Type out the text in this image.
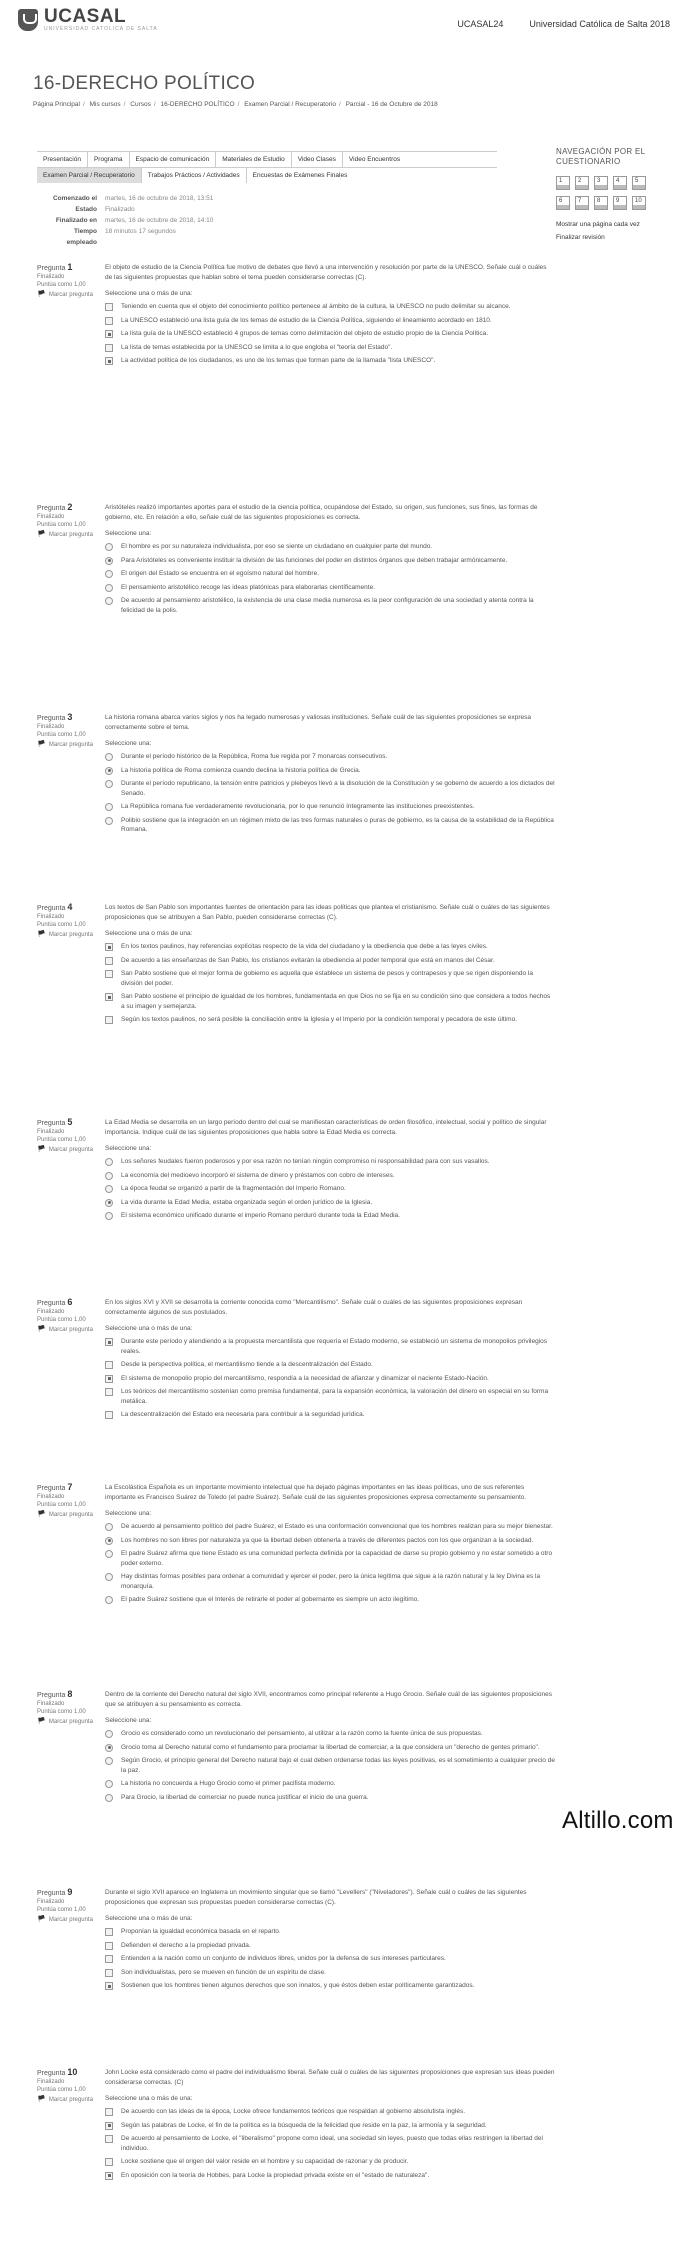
UCASAL
UNIVERSIDAD CATOLICA DE SALTA	UCASAL24	Universidad Católica de Salta 2018
16-DERECHO POLÍTICO
Página Principal / Mis cursos / Cursos / 16-DERECHO POLÍTICO / Examen Parcial / Recuperatorio / Parcial - 16 de Octubre de 2018
Presentación	Programa	Espacio de comunicación	Materiales de Estudio	Video Clases	Video Encuentros
Examen Parcial / Recuperatorio	Trabajos Prácticos / Actividades	Encuestas de Exámenes Finales
Comenzado el	martes, 16 de octubre de 2018, 13:51
Estado	Finalizado
Finalizado en	martes, 16 de octubre de 2018, 14:10
Tiempo	18 minutos 17 segundos
empleado
NAVEGACIÓN POR EL CUESTIONARIO
1	2	3	4	5
6	7	8	9	10
Mostrar una página cada vez
Finalizar revisión
Pregunta 1
Finalizado
Puntúa como 1,00
🏴︎ Marcar pregunta
El objeto de estudio de la Ciencia Política fue motivo de debates que llevó a una intervención y resolución por parte de la UNESCO. Señale cuál o cuáles de las siguientes propuestas que hablan sobre el tema pueden considerarse correctas (C).
Seleccione una o más de una:
Teniendo en cuenta que el objeto del conocimiento político pertenece al ámbito de la cultura, la UNESCO no pudo delimitar su alcance.
La UNESCO estableció una lista guía de los temas de estudio de la Ciencia Política, siguiendo el lineamiento acordado en 1810.
La lista guía de la UNESCO estableció 4 grupos de temas como delimitación del objeto de estudio propio de la Ciencia Política.
La lista de temas establecida por la UNESCO se limita a lo que engloba el "teoría del Estado".
La actividad política de los ciudadanos, es uno de los temas que forman parte de la llamada "lista UNESCO".
Pregunta 2
Finalizado
Puntúa como 1,00
🏴︎ Marcar pregunta
Aristóteles realizó importantes aportes para el estudio de la ciencia política, ocupándose del Estado, su origen, sus funciones, sus fines, las formas de gobierno, etc. En relación a ello, señale cuál de las siguientes proposiciones es correcta.
Seleccione una:
El hombre es por su naturaleza individualista, por eso se siente un ciudadano en cualquier parte del mundo.
Para Aristóteles es conveniente instituir la división de las funciones del poder en distintos órganos que deben trabajar armónicamente.
El origen del Estado se encuentra en el egoísmo natural del hombre.
El pensamiento aristotélico recoge las ideas platónicas para elaborarlas científicamente.
De acuerdo al pensamiento aristotélico, la existencia de una clase media numerosa es la peor configuración de una sociedad y atenta contra la felicidad de la polis.
Pregunta 3
Finalizado
Puntúa como 1,00
🏴︎ Marcar pregunta
La historia romana abarca varios siglos y nos ha legado numerosas y valiosas instituciones. Señale cuál de las siguientes proposiciones se expresa correctamente sobre el tema.
Seleccione una:
Durante el período histórico de la República, Roma fue regida por 7 monarcas consecutivos.
La historia política de Roma comienza cuando declina la historia política de Grecia.
Durante el período republicano, la tensión entre patricios y plebeyos llevó a la disolución de la Constitución y se gobernó de acuerdo a los dictados del Senado.
La República romana fue verdaderamente revolucionaria, por lo que renunció íntegramente las instituciones preexistentes.
Polibio sostiene que la integración en un régimen mixto de las tres formas naturales o puras de gobierno, es la causa de la estabilidad de la República Romana.
Pregunta 4
Finalizado
Puntúa como 1,00
🏴︎ Marcar pregunta
Los textos de San Pablo son importantes fuentes de orientación para las ideas políticas que plantea el cristianismo. Señale cuál o cuáles de las siguientes proposiciones que se atribuyen a San Pablo, pueden considerarse correctas (C).
Seleccione una o más de una:
En los textos paulinos, hay referencias explícitas respecto de la vida del ciudadano y la obediencia que debe a las leyes civiles.
De acuerdo a las enseñanzas de San Pablo, los cristianos evitarán la obediencia al poder temporal que está en manos del César.
San Pablo sostiene que el mejor forma de gobierno es aquella que establece un sistema de pesos y contrapesos y que se rigen disponiendo la división del poder.
San Pablo sostiene el principio de igualdad de los hombres, fundamentada en que Dios no se fija en su condición sino que considera a todos hechos a su imagen y semejanza.
Según los textos paulinos, no será posible la conciliación entre la Iglesia y el Imperio por la condición temporal y pecadora de este último.
Pregunta 5
Finalizado
Puntúa como 1,00
🏴︎ Marcar pregunta
La Edad Media se desarrolla en un largo período dentro del cual se manifiestan características de orden filosófico, intelectual, social y político de singular importancia. Indique cuál de las siguientes proposiciones que habla sobre la Edad Media es correcta.
Seleccione una:
Los señores feudales fueron poderosos y por esa razón no tenían ningún compromiso ni responsabilidad para con sus vasallos.
La economía del medioevo incorporó el sistema de dinero y préstamos con cobro de intereses.
La época feudal se organizó a partir de la fragmentación del Imperio Romano.
La vida durante la Edad Media, estaba organizada según el orden jurídico de la Iglesia.
El sistema económico unificado durante el imperio Romano perduró durante toda la Edad Media.
Pregunta 6
Finalizado
Puntúa como 1,00
🏴︎ Marcar pregunta
En los siglos XVI y XVII se desarrolla la corriente conocida como "Mercantilismo". Señale cuál o cuáles de las siguientes proposiciones expresan correctamente algunos de sus postulados.
Seleccione una o más de una:
Durante este período y atendiendo a la propuesta mercantilista que requería el Estado moderno, se estableció un sistema de monopolios privilegios reales.
Desde la perspectiva política, el mercantilismo tiende a la descentralización del Estado.
El sistema de monopolio propio del mercantilismo, respondía a la necesidad de afianzar y dinamizar el naciente Estado-Nación.
Los teóricos del mercantilismo sostenían como premisa fundamental, para la expansión económica, la valoración del dinero en especial en su forma metálica.
La descentralización del Estado era necesaria para contribuir a la seguridad jurídica.
Pregunta 7
Finalizado
Puntúa como 1,00
🏴︎ Marcar pregunta
La Escolástica Española es un importante movimiento intelectual que ha dejado páginas importantes en las ideas políticas, uno de sus referentes importante es Francisco Suárez de Toledo (el padre Suárez). Señale cuál de las siguientes proposiciones expresa correctamente su pensamiento.
Seleccione una:
De acuerdo al pensamiento político del padre Suárez, el Estado es una conformación convencional que los hombres realizan para su mejor bienestar.
Los hombres no son libres por naturaleza ya que la libertad deben obtenerla a través de diferentes pactos con los que organizan a la sociedad.
El padre Suárez afirma que tiene Estado es una comunidad perfecta definida por la capacidad de darse su propio gobierno y no estar sometido a otro poder externo.
Hay distintas formas posibles para ordenar a comunidad y ejercer el poder, pero la única legítima que sigue a la razón natural y la ley Divina es la monarquía.
El padre Suárez sostiene que el Interés de retirarle el poder al gobernante es siempre un acto ilegítimo.
Pregunta 8
Finalizado
Puntúa como 1,00
🏴︎ Marcar pregunta
Dentro de la corriente del Derecho natural del siglo XVII, encontramos como principal referente a Hugo Grocio. Señale cuál de las siguientes proposiciones que se atribuyen a su pensamiento es correcta.
Seleccione una:
Grocio es considerado como un revolucionario del pensamiento, al utilizar a la razón como la fuente única de sus propuestas.
Grocio toma al Derecho natural como el fundamento para proclamar la libertad de comerciar, a la que considera un "derecho de gentes primario".
Según Grocio, el principio general del Derecho natural bajo el cual deben ordenarse todas las leyes positivas, es el sometimiento a cualquier precio de la paz.
La historia no concuerda a Hugo Grocio como el primer pacifista moderno.
Para Grocio, la libertad de comerciar no puede nunca justificar el inicio de una guerra.
Pregunta 9
Finalizado
Puntúa como 1,00
🏴︎ Marcar pregunta
Durante el siglo XVII aparece en Inglaterra un movimiento singular que se llamó "Levellers" ("Niveladores"). Señale cuál o cuáles de las siguientes proposiciones que expresan sus propuestas pueden considerarse correctas (C).
Seleccione una o más de una:
Proponían la igualdad económica basada en el reparto.
Defienden el derecho a la propiedad privada.
Entienden a la nación como un conjunto de individuos libres, unidos por la defensa de sus intereses particulares.
Son individualistas, pero se mueven en función de un espíritu de clase.
Sostienen que los hombres tienen algunos derechos que son innatos, y que éstos deben estar políticamente garantizados.
Pregunta 10
Finalizado
Puntúa como 1,00
🏴︎ Marcar pregunta
John Locke está considerado como el padre del individualismo liberal. Señale cuál o cuáles de las siguientes proposiciones que expresan sus ideas pueden considerarse correctas. (C)
Seleccione una o más de una:
De acuerdo con las ideas de la época, Locke ofrece fundamentos teóricos que respaldan al gobierno absolutista inglés.
Según las palabras de Locke, el fin de la política es la búsqueda de la felicidad que reside en la paz, la armonía y la seguridad.
De acuerdo al pensamiento de Locke, el "liberalismo" propone como ideal, una sociedad sin leyes, puesto que todas ellas restringen la libertad del individuo.
Locke sostiene que el origen del valor reside en el hombre y su capacidad de razonar y de producir.
En oposición con la teoría de Hobbes, para Locke la propiedad privada existe en el "estado de naturaleza".
Altillo.com
